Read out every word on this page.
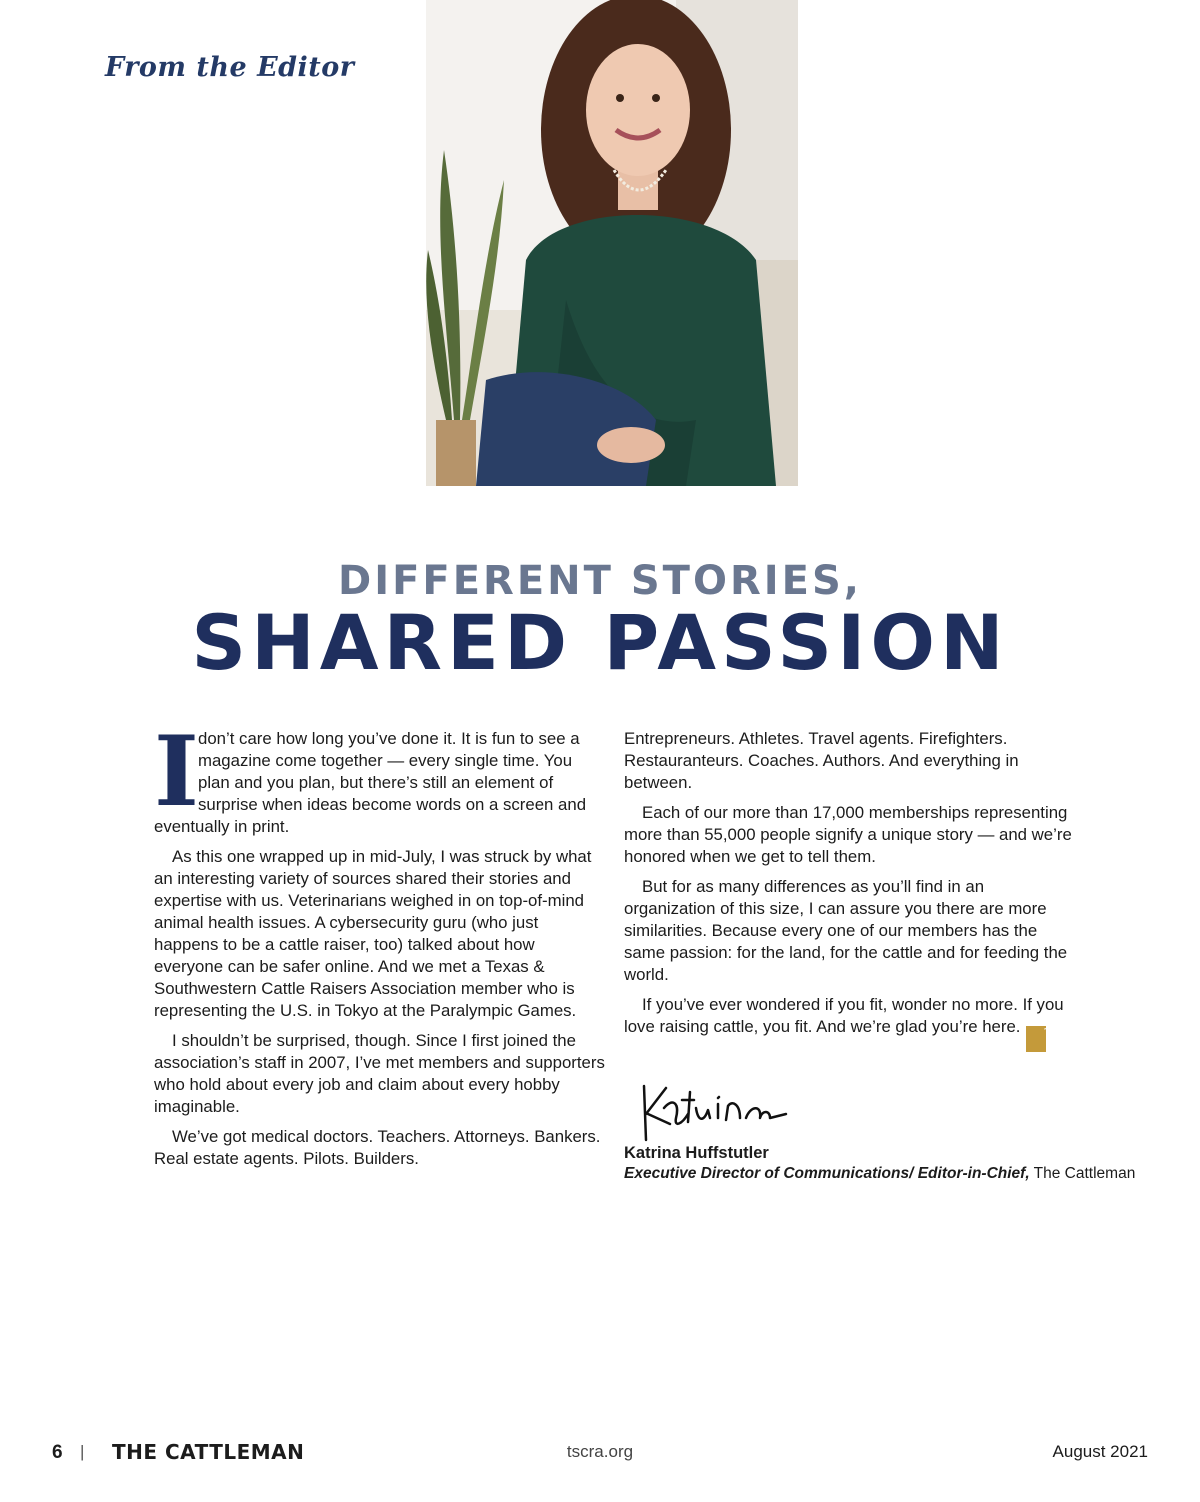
From the Editor
DIFFERENT STORIES,
SHARED PASSION

Idon’t care how long you’ve done it. It is fun to see a magazine come together — every single time. You plan and you plan, but there’s still an element of surprise when ideas become words on a screen and eventually in print.

As this one wrapped up in mid-July, I was struck by what an interesting variety of sources shared their stories and expertise with us. Veterinarians weighed in on top-of-mind animal health issues. A cybersecurity guru (who just happens to be a cattle raiser, too) talked about how everyone can be safer online. And we met a Texas & Southwestern Cattle Raisers Association member who is representing the U.S. in Tokyo at the Paralympic Games.

I shouldn’t be surprised, though. Since I first joined the association’s staff in 2007, I’ve met members and supporters who hold about every job and claim about every hobby imaginable.

We’ve got medical doctors. Teachers. Attorneys. Bankers. Real estate agents. Pilots. Builders.

Entrepreneurs. Athletes. Travel agents. Firefighters. Restauranteurs. Coaches. Authors. And everything in between.

Each of our more than 17,000 memberships representing more than 55,000 people signify a unique story — and we’re honored when we get to tell them.

But for as many differences as you’ll find in an organization of this size, I can assure you there are more similarities. Because every one of our members has the same passion: for the land, for the cattle and for feeding the world.

If you’ve ever wondered if you fit, wonder no more. If you love raising cattle, you fit. And we’re glad you’re here. TC

Katrina Huffstutler
Executive Director of Communications/ Editor-in-Chief, The Cattleman
6 | THE CATTLEMAN	tscra.org	August 2021
